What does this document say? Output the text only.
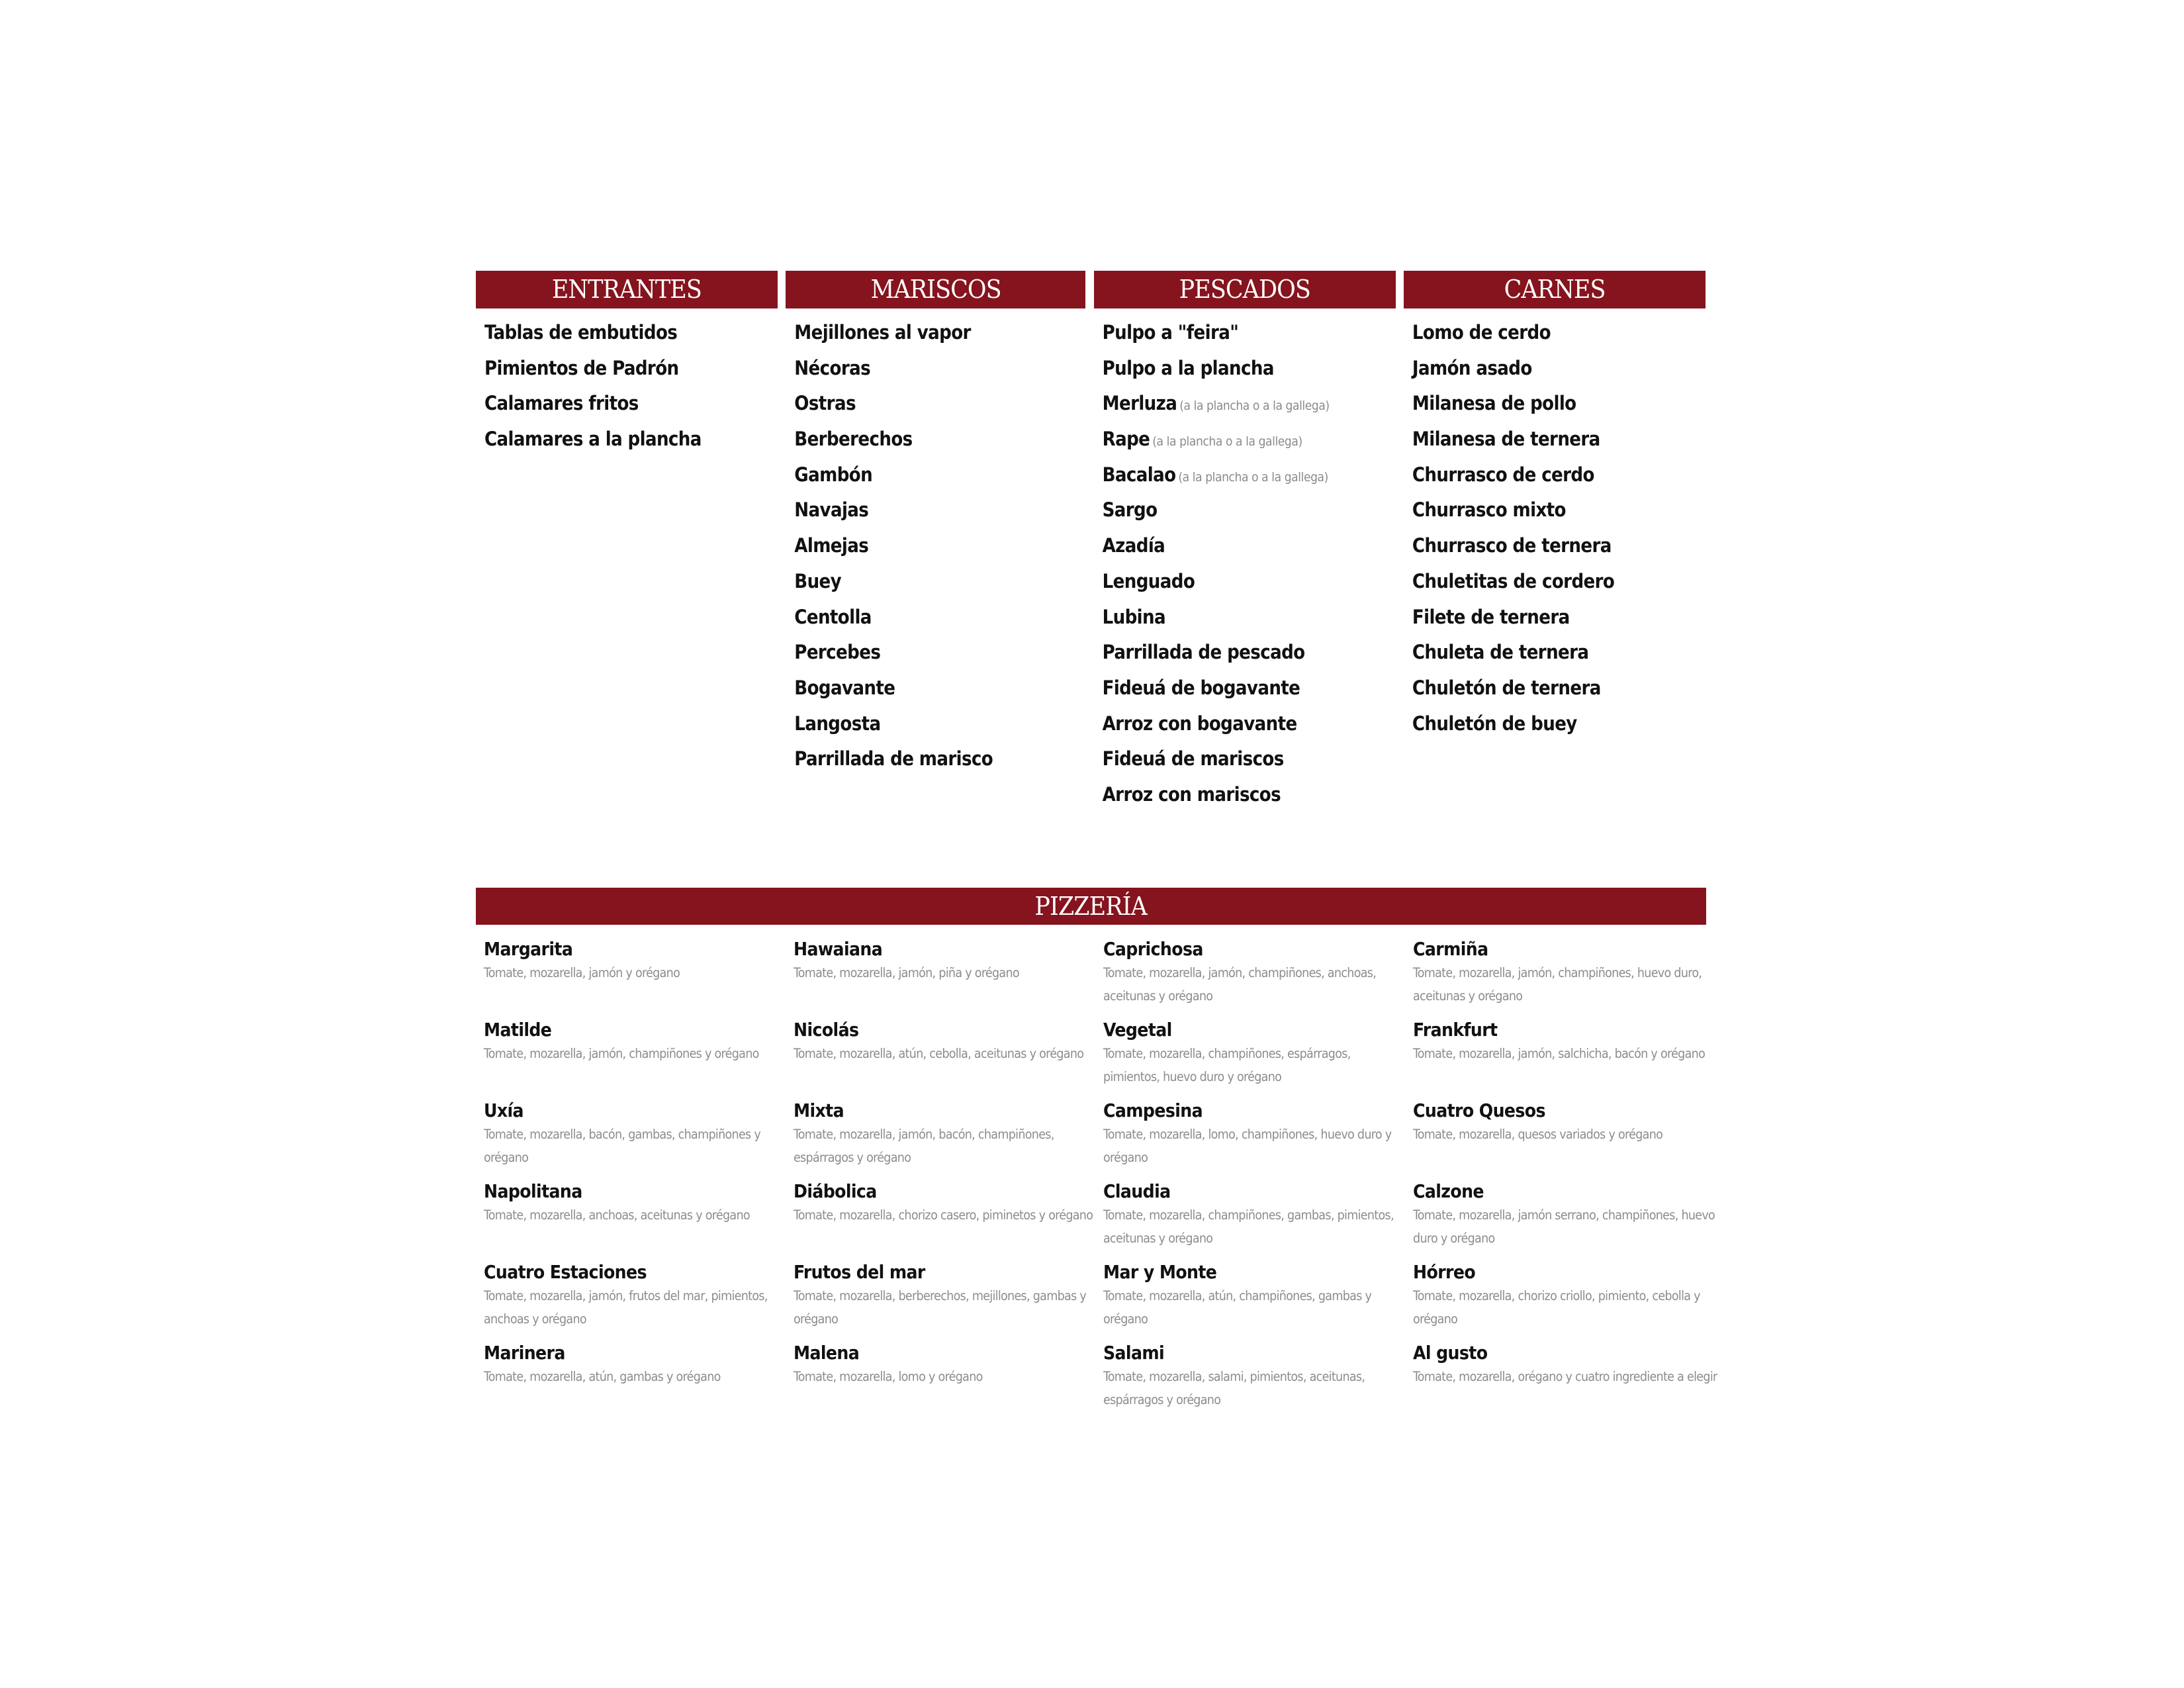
ENTRANTES
Tablas de embutidos
Pimientos de Padrón
Calamares fritos
Calamares a la plancha
MARISCOS
Mejillones al vapor
Nécoras
Ostras
Berberechos
Gambón
Navajas
Almejas
Buey
Centolla
Percebes
Bogavante
Langosta
Parrillada de marisco
PESCADOS
Pulpo a "feira"
Pulpo a la plancha
Merluza (a la plancha o a la gallega)
Rape (a la plancha o a la gallega)
Bacalao (a la plancha o a la gallega)
Sargo
Azadía
Lenguado
Lubina
Parrillada de pescado
Fideuá de bogavante
Arroz con bogavante
Fideuá de mariscos
Arroz con mariscos
CARNES
Lomo de cerdo
Jamón asado
Milanesa de pollo
Milanesa de ternera
Churrasco de cerdo
Churrasco mixto
Churrasco de ternera
Chuletitas de cordero
Filete de ternera
Chuleta de ternera
Chuletón de ternera
Chuletón de buey
PIZZERÍA
Margarita
Tomate, mozarella, jamón y orégano
Hawaiana
Tomate, mozarella, jamón, piña y orégano
Caprichosa
Tomate, mozarella, jamón, champiñones, anchoas, aceitunas y orégano
Carmiña
Tomate, mozarella, jamón, champiñones, huevo duro, aceitunas y orégano
Matilde
Tomate, mozarella, jamón, champiñones y orégano
Nicolás
Tomate, mozarella, atún, cebolla, aceitunas y orégano
Vegetal
Tomate, mozarella, champiñones, espárragos, pimientos, huevo duro y orégano
Frankfurt
Tomate, mozarella, jamón, salchicha, bacón y orégano
Uxía
Tomate, mozarella, bacón, gambas, champiñones y orégano
Mixta
Tomate, mozarella, jamón, bacón, champiñones, espárragos y orégano
Campesina
Tomate, mozarella, lomo, champiñones, huevo duro y orégano
Cuatro Quesos
Tomate, mozarella, quesos variados y orégano
Napolitana
Tomate, mozarella, anchoas, aceitunas y orégano
Diábolica
Tomate, mozarella, chorizo casero, piminetos y orégano
Claudia
Tomate, mozarella, champiñones, gambas, pimientos, aceitunas y orégano
Calzone
Tomate, mozarella, jamón serrano, champiñones, huevo duro y orégano
Cuatro Estaciones
Tomate, mozarella, jamón, frutos del mar, pimientos, anchoas y orégano
Frutos del mar
Tomate, mozarella, berberechos, mejillones, gambas y orégano
Mar y Monte
Tomate, mozarella, atún, champiñones, gambas y orégano
Hórreo
Tomate, mozarella, chorizo criollo, pimiento, cebolla y orégano
Marinera
Tomate, mozarella, atún, gambas y orégano
Malena
Tomate, mozarella, lomo y orégano
Salami
Tomate, mozarella, salami, pimientos, aceitunas, espárragos y orégano
Al gusto
Tomate, mozarella, orégano y cuatro ingrediente a elegir
